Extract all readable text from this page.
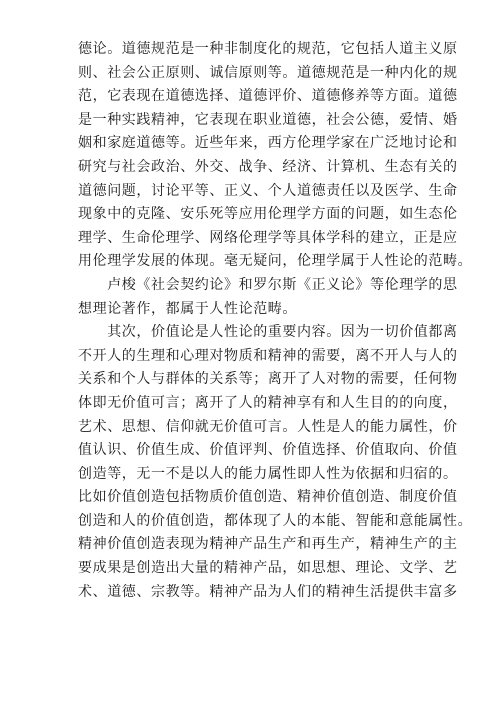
德论。道德规范是一种非制度化的规范，它包括人道主义原
则、社会公正原则、诚信原则等。道德规范是一种内化的规
范，它表现在道德选择、道德评价、道德修养等方面。道德
是一种实践精神，它表现在职业道德，社会公德，爱情、婚
姻和家庭道德等。近些年来，西方伦理学家在广泛地讨论和
研究与社会政治、外交、战争、经济、计算机、生态有关的
道德问题，讨论平等、正义、个人道德责任以及医学、生命
现象中的克隆、安乐死等应用伦理学方面的问题，如生态伦
理学、生命伦理学、网络伦理学等具体学科的建立，正是应
用伦理学发展的体现。毫无疑问，伦理学属于人性论的范畴。
　　卢梭《社会契约论》和罗尔斯《正义论》等伦理学的思
想理论著作，都属于人性论范畴。
　　其次，价值论是人性论的重要内容。因为一切价值都离
不开人的生理和心理对物质和精神的需要，离不开人与人的
关系和个人与群体的关系等；离开了人对物的需要，任何物
体即无价值可言；离开了人的精神享有和人生目的的向度，
艺术、思想、信仰就无价值可言。人性是人的能力属性，价
值认识、价值生成、价值评判、价值选择、价值取向、价值
创造等，无一不是以人的能力属性即人性为依据和归宿的。
比如价值创造包括物质价值创造、精神价值创造、制度价值
创造和人的价值创造，都体现了人的本能、智能和意能属性。
精神价值创造表现为精神产品生产和再生产，精神生产的主
要成果是创造出大量的精神产品，如思想、理论、文学、艺
术、道德、宗教等。精神产品为人们的精神生活提供丰富多
